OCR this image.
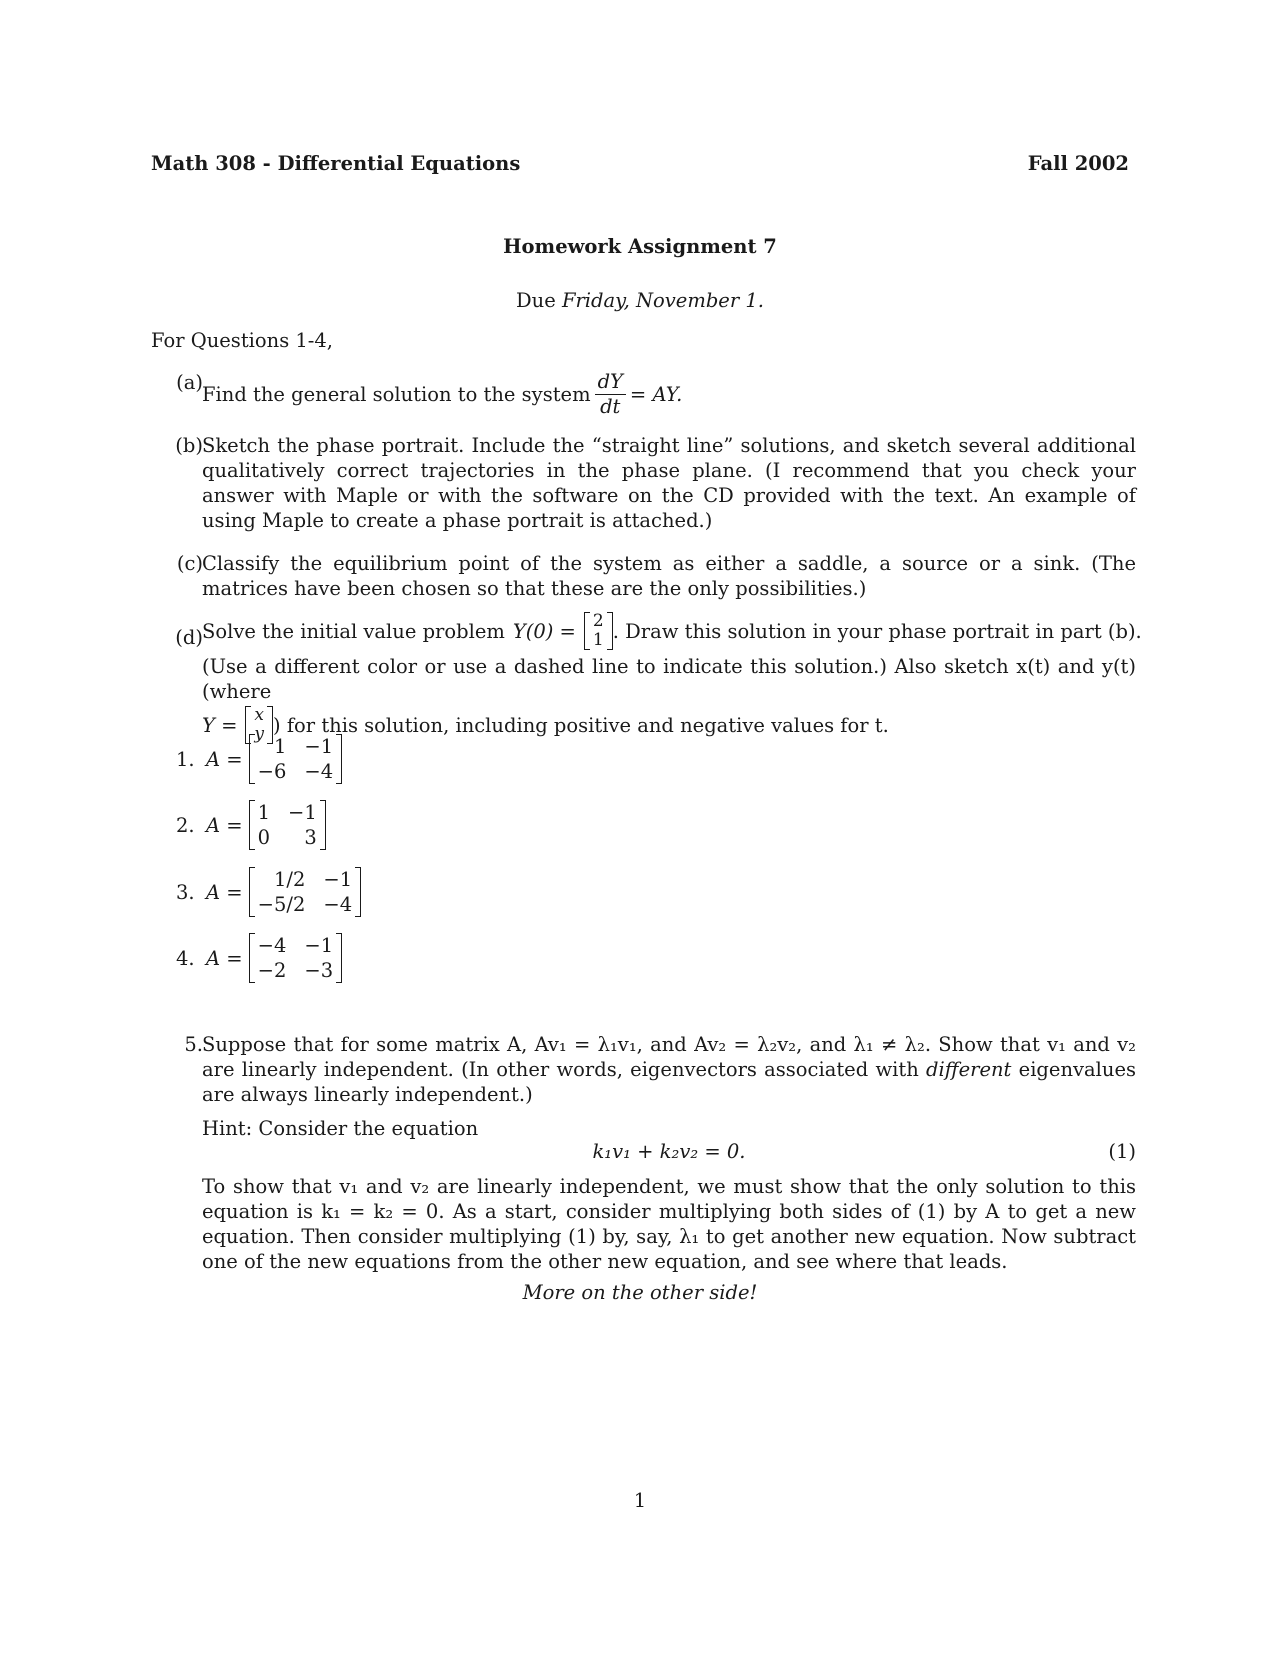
Math 308 - Differential Equations	Fall 2002
Homework Assignment 7
Due Friday, November 1.
For Questions 1-4,
(a)
Find the general solution to the system $\frac{dY}{dt}$ = AY.
(b) Sketch the phase portrait. Include the “straight line” solutions, and sketch several additional qualitatively correct trajectories in the phase plane. (I recommend that you check your answer with Maple or with the software on the CD provided with the text. An example of using Maple to create a phase portrait is attached.)
(c) Classify the equilibrium point of the system as either a saddle, a source or a sink. (The matrices have been chosen so that these are the only possibilities.)
(d) Solve the initial value problem Y(0) = 2
1 . Draw this solution in your phase portrait in part (b).
(Use a different color or use a dashed line to indicate this solution.) Also sketch x(t) and y(t) (where
Y = x
y ) for this solution, including positive and negative values for t.
1. A =
1 −1
−6 −4
2. A =
1 −1
0	3
3. A =
1/2 −1
−5/2 −4
4. A =
−4 −1
−2 −3
5. Suppose that for some matrix A, Av₁ = λ₁v₁, and Av₂ = λ₂v₂, and λ₁ ≠ λ₂. Show that v₁ and v₂ are linearly independent. (In other words, eigenvectors associated with different eigenvalues are always linearly independent.)
Hint: Consider the equation
k₁v₁ + k₂v₂ = 0.	(1)
To show that v₁ and v₂ are linearly independent, we must show that the only solution to this equation is k₁ = k₂ = 0. As a start, consider multiplying both sides of (1) by A to get a new equation. Then consider multiplying (1) by, say, λ₁ to get another new equation. Now subtract one of the new equations from the other new equation, and see where that leads.
More on the other side!
1
